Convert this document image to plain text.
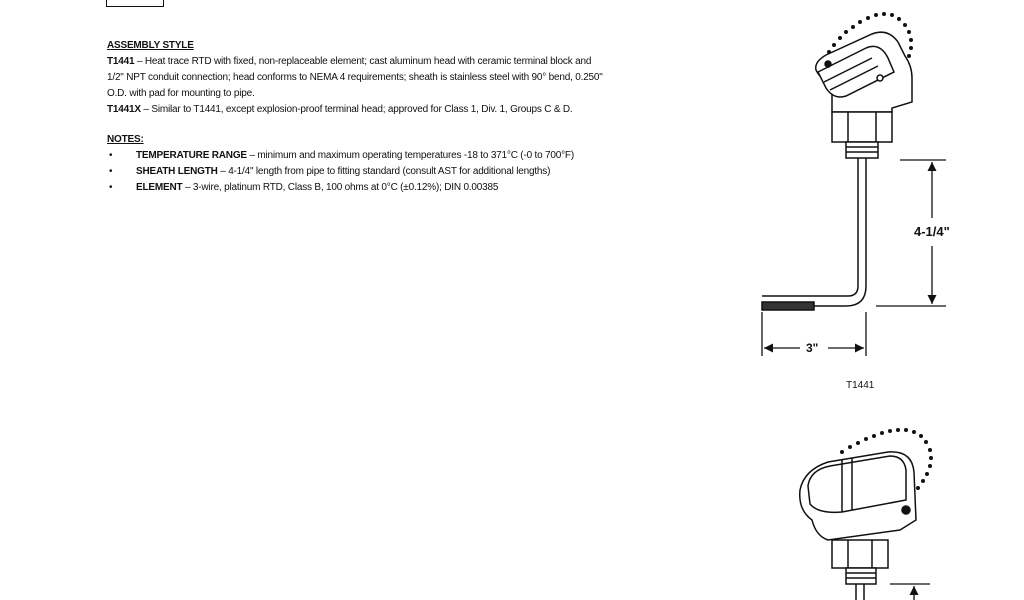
ASSEMBLY STYLE

T1441 – Heat trace RTD with fixed, non-replaceable element; cast aluminum head with ceramic terminal block and
1/2" NPT conduit connection; head conforms to NEMA 4 requirements; sheath is stainless steel with 90° bend, 0.250"
O.D. with pad for mounting to pipe.

T1441X – Similar to T1441, except explosion-proof terminal head; approved for Class 1, Div. 1, Groups C & D.

NOTES:

• TEMPERATURE RANGE – minimum and maximum operating temperatures -18 to 371°C (-0 to 700°F)
• SHEATH LENGTH – 4-1/4" length from pipe to fitting standard (consult AST for additional lengths)
• ELEMENT – 3-wire, platinum RTD, Class B, 100 ohms at 0°C (±0.12%); DIN 0.00385
4-1/4"
3"
T1441
